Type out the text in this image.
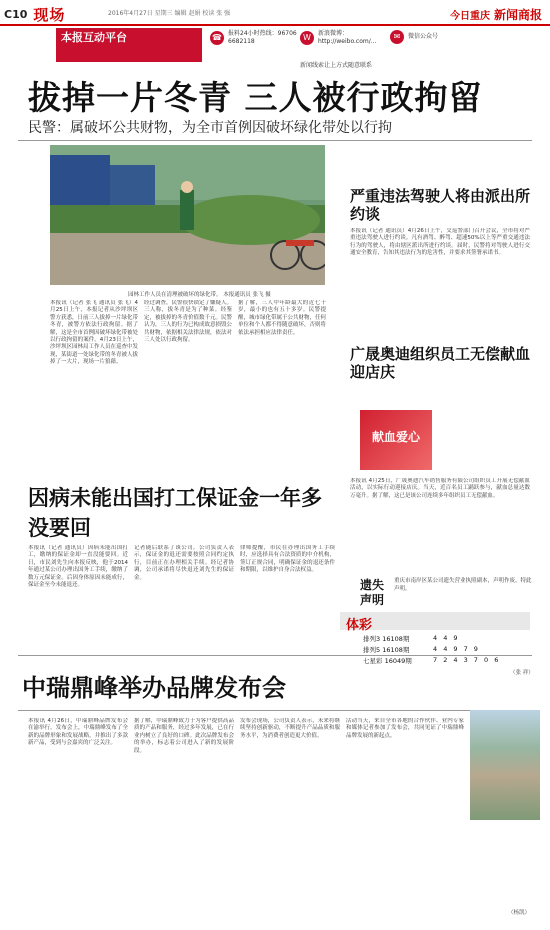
C10 现场	2016年4月27日 星期三 编辑 赵娟 校读 张 强	今日重庆 新闻商报
本报互动平台	☎	报料24小时热线：96706 6682118	W	新浪微博：http://weibo.com/...
✉	微信公众号
新闻线索让上方式随意联系
拔掉一片冬青 三人被行政拘留
民警：属破坏公共财物，为全市首例因破坏绿化带处以行拘
园林工作人员在清理被破坏的绿化带。 本报通讯员 张飞 摄
本报讯（记者 张飞 通讯员 张飞）4月25日上午，本报记者从沙坪坝区警方获悉，日前三人拔掉一片绿化带冬青，被警方依法行政拘留。据了解，这是全市首例因破坏绿化带被处以行政拘留的案件。4月23日上午，沙坪坝区园林局工作人员在巡查中发现，某街道一处绿化带的冬青被人拔掉了一大片，现场一片狼藉。
经过调查，民警很快锁定了嫌疑人。三人称，拔冬青是为了种菜。经鉴定，被拔掉的冬青价值数千元。民警认为，三人的行为已构成故意损毁公共财物，依据相关法律法规，依法对三人处以行政拘留。
据了解，三人中年龄最大的近七十岁，最小的也有五十多岁。民警提醒，城市绿化带属于公共财物，任何单位和个人都不得随意破坏，否则将依法承担相应法律责任。
严重违法驾驶人将由派出所约谈
本报讯（记者 通讯员）4月26日上午，交巡警部门召开会议，全市将对严重违法驾驶人进行约谈。凡有酒驾、醉驾、超速50%以上等严重交通违法行为的驾驶人，将由辖区派出所进行约谈。届时，民警将对驾驶人进行交通安全教育，告知其违法行为的危害性，并要求其签署承诺书。
广晟奥迪组织员工无偿献血迎店庆
献血爱心
本报讯 4月25日，广晟奥迪汽车销售服务有限公司组织员工开展无偿献血活动，以实际行动迎接店庆。当天，近百名员工踊跃参与，献血总量达数万毫升。据了解，这已是该公司连续多年组织员工无偿献血。
因病未能出国打工保证金一年多没要回
本报讯（记者 通讯员）因病未能出国打工，缴纳的保证金却一直没能要回。近日，市民刘先生向本报反映，他于2014年通过某公司办理出国务工手续，缴纳了数万元保证金。后因身体原因未能成行，保证金至今未能退还。
记者随后联系了该公司。公司负责人表示，保证金的退还需要按照合同约定执行，目前正在办理相关手续。经记者协调，公司承诺将尽快退还刘先生的保证金。
律师提醒，市民在办理出国务工手续时，应选择具有合法资质的中介机构，签订正规合同，明确保证金的退还条件和期限，以维护自身合法权益。
遗失声明
重庆市南岸区某公司遗失营业执照副本，声明作废。特此声明。
体彩
排列3 16108期	4 4 9
排列5 16108期	4 4 9 7 9
七星彩 16049期	7 2 4 3 7 0 6
（张 祥）
中瑞鼎峰举办品牌发布会
本报讯 4月26日，中瑞鼎峰品牌发布会在渝举行。发布会上，中瑞鼎峰发布了全新的品牌形象和发展战略，并推出了多款新产品，受到与会嘉宾的广泛关注。
据了解，中瑞鼎峰致力于为客户提供高品质的产品和服务，经过多年发展，已在行业内树立了良好的口碑。此次品牌发布会的举办，标志着公司进入了新的发展阶段。
发布会现场，公司负责人表示，未来将继续坚持创新驱动，不断提升产品品质和服务水平，为消费者创造更大价值。
活动当天，来自全市各地的合作伙伴、业内专家和媒体记者参加了发布会，共同见证了中瑞鼎峰品牌发展的新起点。
（杨凯）
